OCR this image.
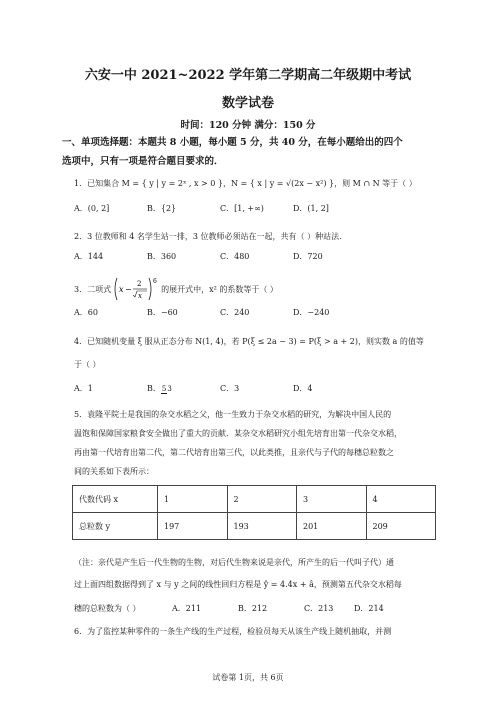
六安一中 2021~2022 学年第二学期高二年级期中考试
数学试卷
时间：120 分钟 满分：150 分
一、单项选择题：本题共 8 小题，每小题 5 分，共 40 分，在每小题给出的四个
选项中，只有一项是符合题目要求的．
1．已知集合 M = { y | y = 2ˣ , x > 0 }，N = { x | y = √(2x − x²) }，则 M ∩ N 等于（ ）
A．(0, 2]	B．{2}	C．[1, +∞)	D．(1, 2]
2．3 位教师和 4 名学生站一排，3 位教师必须站在一起，共有（ ）种站法．
A．144	B．360	C．480	D．720
3．二项式 x −
2
x
6
的展开式中，x² 的系数等于（ ）
A．60	B．−60	C．240	D．−240
4．已知随机变量 ξ 服从正态分布 N(1, 4)，若 P(ξ ≤ 2a − 3) = P(ξ > a + 2)，则实数 a 的值等
于（ ）
A．1	B．53	C．3	D．4
5．袁隆平院士是我国的杂交水稻之父，他一生致力于杂交水稻的研究，为解决中国人民的
温饱和保障国家粮食安全做出了重大的贡献．某杂交水稻研究小组先培育出第一代杂交水稻，
再由第一代培育出第二代，第二代培育出第三代，以此类推，且亲代与子代的每穗总粒数之
间的关系如下表所示：
代数代码 x	1	2	3	4
总粒数 y	197	193	201	209
（注：亲代是产生后一代生物的生物，对后代生物来说是亲代，所产生的后一代叫子代）通
过上面四组数据得到了 x 与 y 之间的线性回归方程是 ŷ = 4.4x + â，预测第五代杂交水稻每
穗的总粒数为（ ）	A．211	B．212	C．213	D．214
6．为了监控某种零件的一条生产线的生产过程，检验员每天从该生产线上随机抽取，并测
试卷第 1页，共 6页
